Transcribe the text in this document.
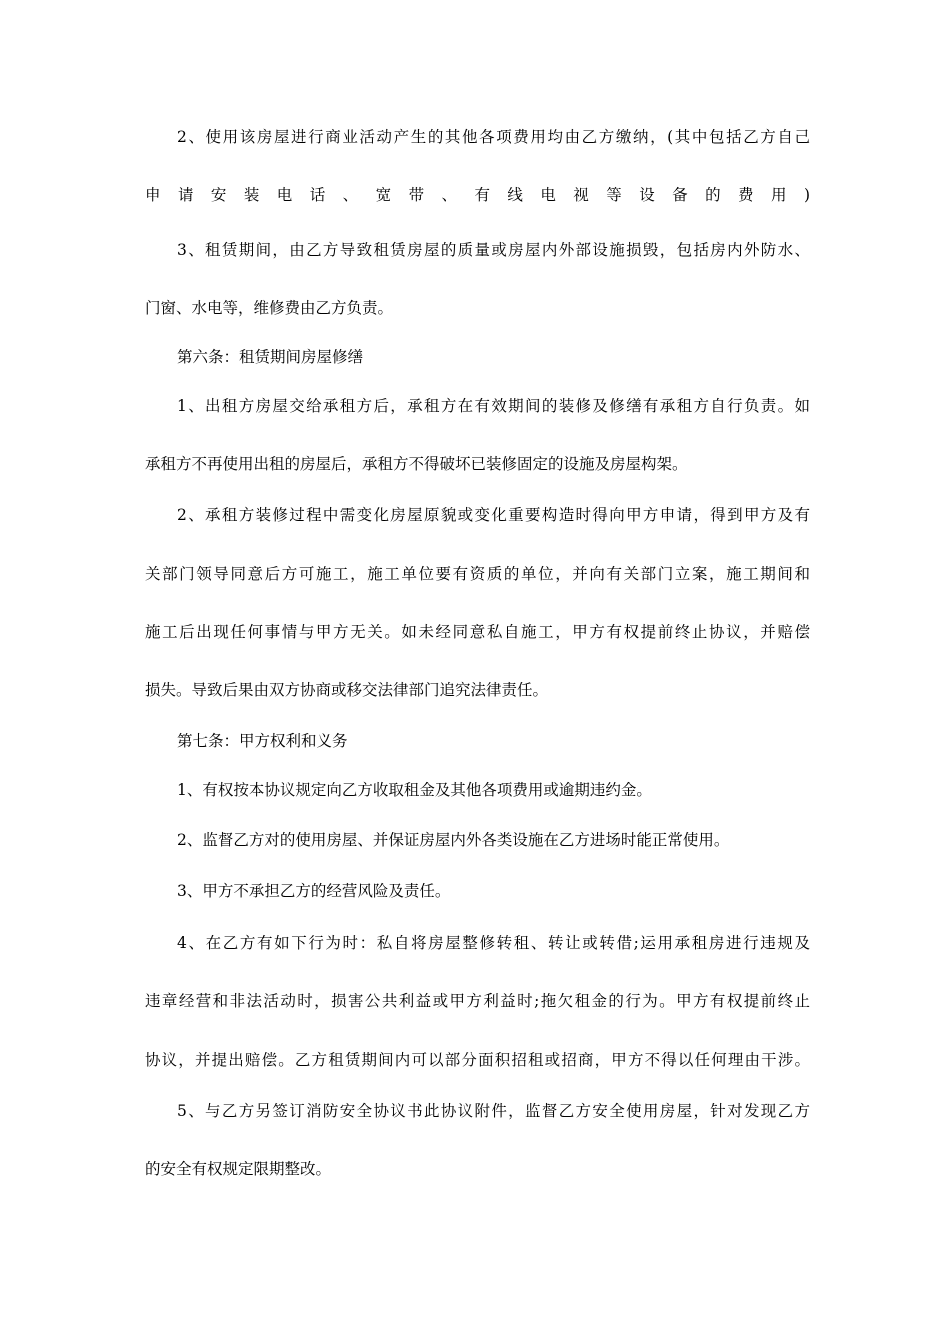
2、使用该房屋进行商业活动产生的其他各项费用均由乙方缴纳，(其中包括乙方自己
申请安装电话、宽带、有线电视等设备的费用)
3、租赁期间，由乙方导致租赁房屋的质量或房屋内外部设施损毁，包括房内外防水、
门窗、水电等，维修费由乙方负责。
第六条：租赁期间房屋修缮
1、出租方房屋交给承租方后，承租方在有效期间的装修及修缮有承租方自行负责。如
承租方不再使用出租的房屋后，承租方不得破坏已装修固定的设施及房屋构架。
2、承租方装修过程中需变化房屋原貌或变化重要构造时得向甲方申请，得到甲方及有
关部门领导同意后方可施工，施工单位要有资质的单位，并向有关部门立案，施工期间和
施工后出现任何事情与甲方无关。如未经同意私自施工，甲方有权提前终止协议，并赔偿
损失。导致后果由双方协商或移交法律部门追究法律责任。
第七条：甲方权利和义务
1、有权按本协议规定向乙方收取租金及其他各项费用或逾期违约金。
2、监督乙方对的使用房屋、并保证房屋内外各类设施在乙方进场时能正常使用。
3、甲方不承担乙方的经营风险及责任。
4、在乙方有如下行为时：私自将房屋整修转租、转让或转借;运用承租房进行违规及
违章经营和非法活动时，损害公共利益或甲方利益时;拖欠租金的行为。甲方有权提前终止
协议，并提出赔偿。乙方租赁期间内可以部分面积招租或招商，甲方不得以任何理由干涉。
5、与乙方另签订消防安全协议书此协议附件，监督乙方安全使用房屋，针对发现乙方
的安全有权规定限期整改。
